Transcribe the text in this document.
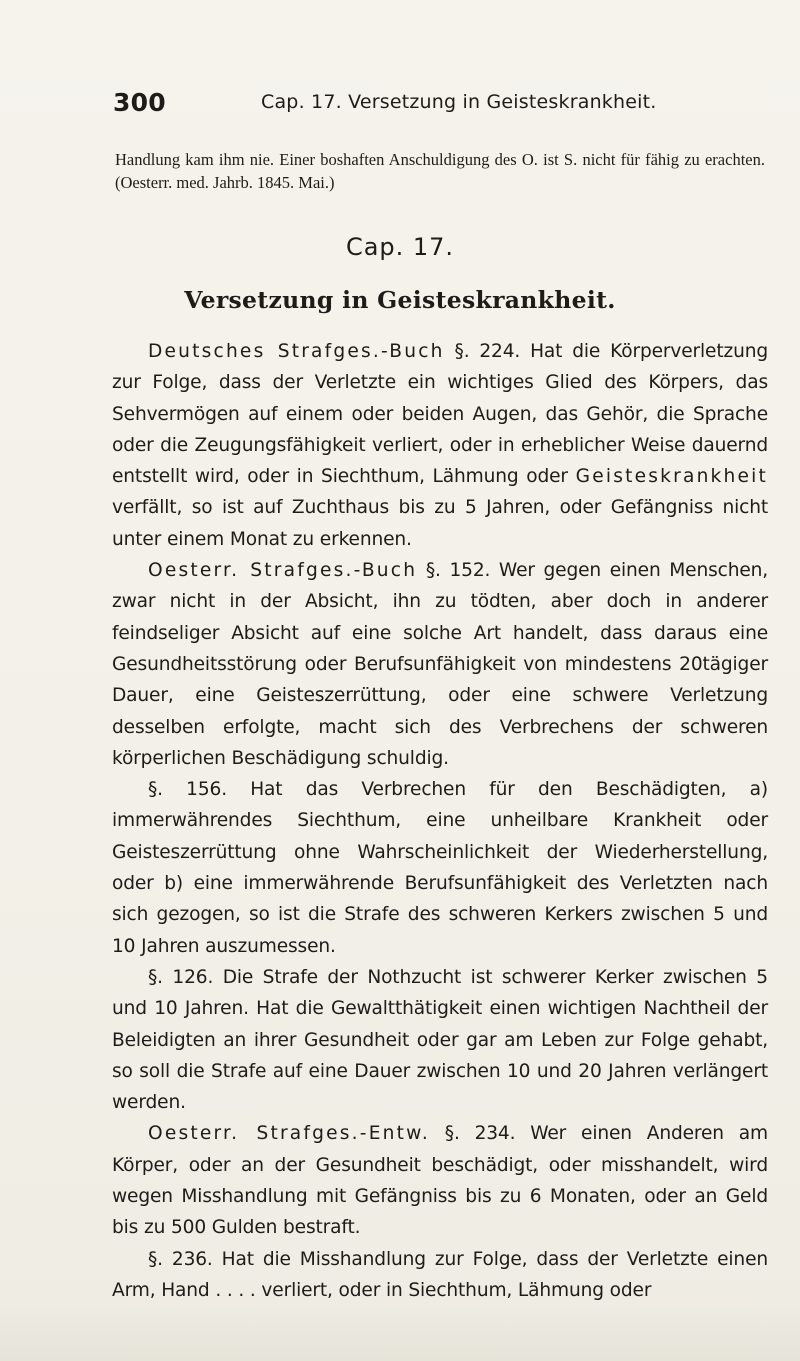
300	Cap. 17. Versetzung in Geisteskrankheit.
Handlung kam ihm nie. Einer boshaften Anschuldigung des O. ist S. nicht für fähig zu erachten. (Oesterr. med. Jahrb. 1845. Mai.)
Cap. 17.
Versetzung in Geisteskrankheit.

Deutsches Strafges.-Buch §. 224. Hat die Körperverletzung zur Folge, dass der Verletzte ein wichtiges Glied des Körpers, das Sehvermögen auf einem oder beiden Augen, das Gehör, die Sprache oder die Zeugungsfähigkeit verliert, oder in erheblicher Weise dauernd entstellt wird, oder in Siechthum, Lähmung oder Geisteskrankheit verfällt, so ist auf Zuchthaus bis zu 5 Jahren, oder Gefängniss nicht unter einem Monat zu erkennen.

Oesterr. Strafges.-Buch §. 152. Wer gegen einen Menschen, zwar nicht in der Absicht, ihn zu tödten, aber doch in anderer feindseliger Absicht auf eine solche Art handelt, dass daraus eine Gesundheitsstörung oder Berufsunfähigkeit von mindestens 20tägiger Dauer, eine Geisteszerrüttung, oder eine schwere Verletzung desselben erfolgte, macht sich des Verbrechens der schweren körperlichen Beschädigung schuldig.

§. 156. Hat das Verbrechen für den Beschädigten, a) immerwährendes Siechthum, eine unheilbare Krankheit oder Geisteszerrüttung ohne Wahrscheinlichkeit der Wiederherstellung, oder b) eine immerwährende Berufsunfähigkeit des Verletzten nach sich gezogen, so ist die Strafe des schweren Kerkers zwischen 5 und 10 Jahren auszumessen.

§. 126. Die Strafe der Nothzucht ist schwerer Kerker zwischen 5 und 10 Jahren. Hat die Gewaltthätigkeit einen wichtigen Nachtheil der Beleidigten an ihrer Gesundheit oder gar am Leben zur Folge gehabt, so soll die Strafe auf eine Dauer zwischen 10 und 20 Jahren verlängert werden.

Oesterr. Strafges.-Entw. §. 234. Wer einen Anderen am Körper, oder an der Gesundheit beschädigt, oder misshandelt, wird wegen Misshandlung mit Gefängniss bis zu 6 Monaten, oder an Geld bis zu 500 Gulden bestraft.

§. 236. Hat die Misshandlung zur Folge, dass der Verletzte einen Arm, Hand . . . . verliert, oder in Siechthum, Lähmung oder
